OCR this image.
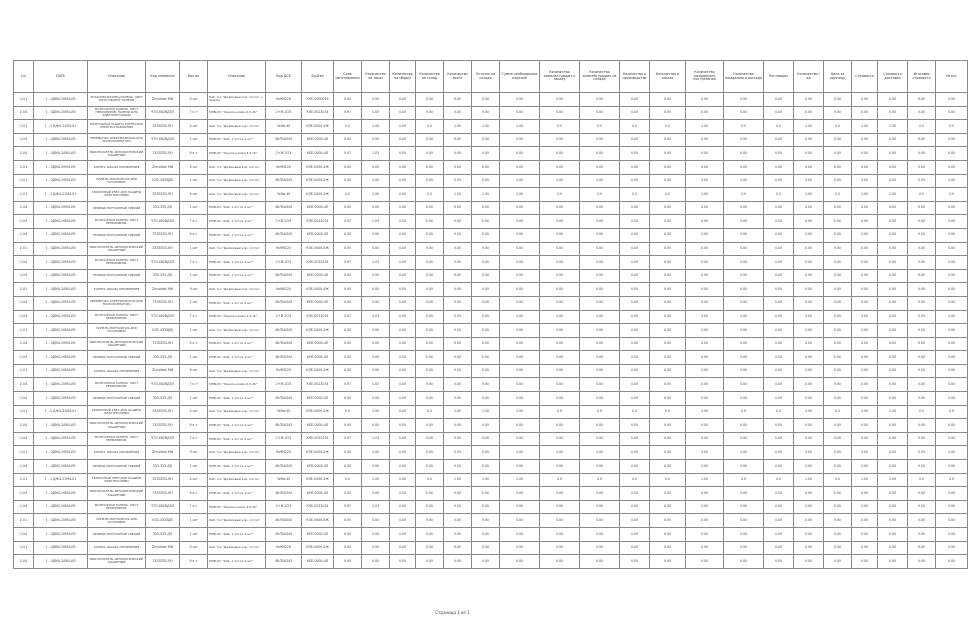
Lvl	DATA	Описание	Код элемента	Кол-во	Описание	Код ДСЕ	Ед.Изм	Срок изготовления	Количество на заказ	Количество на сборку	Количество на склад	Количество всего	Остаток на складе	Сумма необходимых изделий	Количество комплектующих к заказу	Количество комплектующих на складе	Количество в производстве	Количество в заказе	Количество ожидаемого поступления	Количество ожидаемого расхода	Поставщик	Количество / ед	Цена за единицу	Стоимость	Стоимость доставки	Итоговая стоимость	Итого
2-01	1 - 0ДМ4-20М4-ИЗ	ЛНАФОРМ-ФЛАНЕЦ-ПАНЕЛЬ. ЛИСТ ПЛАН ОБОРОТ ПАНЕЛИ	Zincofast МИ	9 шт	Каб. 3-х "Дюймовый кор. лоток" + Зажим	9х9М220	КЛЕ-0000045	0.00	0.00	0.00	0.00	0.00	0.00	0.00	0.00	0.00	0.00	0.00	0.00	0.00	0.00	0.00	0.00	0.00	0.00	0.00	0.00
2-04	1 - 0ДМ4-20М4-ИЗ	МОНТАЖНАЯ ПАНЕЛЬ, ЛИСТ ПЕРФОРИРОВ. ПАНЕЛИ ДЛЯ ЭЛЕКТРОСТАНЦИИ	ЧТЛ-4В2ВДЗЛ	7 к-т	МНВ-ЛС "Зажим-клемм 4-5-Ж"	2+М-2ОЗ	КЛЕ-0022034	0.97	1.03	0.00	0.00	0.00	0.00	0.00	0.00	0.00	0.00	0.00	0.00	0.00	0.00	0.00	0.00	0.00	0.00	0.00	0.00
2-01	1 - 1 ДЖ4-21М4-01	МОНТАЖНАЯ ЗАЩИТА КОРПУСНАЯ ЭЛЕКТРОСНАБЖЕНИЯ	ЗЗЗЗЗЗЗ-ЛН	4 шт	Каб. 3-х "Дюймовый кор. лоток"	3х9м-40	КЛЕ-0000-4Ж	0.0	1.00	0.00	0.0	1.00	1.00	1.00	0.0	0.0	0.0	0.0	1.00	0.0	0.0	1.00	0.0	1.00	1.00	0.0	0.0
2-04	1 - 0ДМ4-20М4-ИЗ	ПЕРЕМЫЧКА ЭЛЕКТРИЧЕСКАЯ ДЛЯ ТРАНСФОРМАТОРА	ЧТЛ-4В2ВДЗЛ	1 шт	МНВ-ЛС "Каб. 1 лоток 4 шт"	4КЛ5АЗ4З	КЛЕ-0000-4Л	0.00	0.00	0.00	0.00	0.00	0.00	0.00	0.00	0.00	0.00	0.00	0.00	0.00	0.00	0.00	0.00	0.00	0.00	0.00	0.00
2-04	1 - 0ДМ4-20М4-ИЗ	ВЫКЛЮЧАТЕЛЬ АВТОМАТИЧЕСКИЙ ЗАЩИТНЫЙ	7ЗЗЗЗЗЗ-ЛН	9 к-т	МНВ-ЛС "Зажим-клемм 4-5-Ж"	2+М-2ОЗ	КЛЕ-0000-4Л	0.97	1.03	0.00	0.00	0.00	0.00	0.00	0.00	0.00	0.00	0.00	0.00	0.00	0.00	0.00	0.00	0.00	0.00	0.00	0.00
2-01	1 - 0ДМ4-20М4-ИЗ	КОРПУС ШКАФА УПРАВЛЕНИЯ	Zincofast МИ	9 шт	Каб. 3-х "Дюймовый кор. лоток"	9х9М220	КЛЕ-0000-4Ж	0.00	0.00	0.00	0.00	0.00	0.00	0.00	0.00	0.00	0.00	0.00	0.00	0.00	0.00	0.00	0.00	0.00	0.00	0.00	0.00
2-01	1 - 0ДМ4-20М4-ИЗ	ПАНЕЛЬ МОНТАЖНАЯ ДЛЯ УСТАНОВКИ	КЗЗ-4ЗЗЗДВ	1 шт	Каб. 3-х "Дюймовый кор. лоток"	4КЛ5АЗ4З	КЛЕ-0000-4Ж	0.00	0.00	0.00	0.00	0.00	0.00	0.00	0.00	0.00	0.00	0.00	0.00	0.00	0.00	0.00	0.00	0.00	0.00	0.00	0.00
2-01	1 - 1 ДЖ4-21М4-01	СБОРОЧНЫЙ УЗЕЛ ДЛЯ ЗАЩИТЫ ЭЛЕКТРОСХЕМЫ	ЗЗЗЗЗЗЗ-ЛН	4 шт	Каб. 3-х "Дюймовый кор. лоток"	3х9м-40	КЛЕ-0000-4Ж	0.0	1.00	0.00	0.0	1.00	1.00	1.00	0.0	0.0	0.0	0.0	1.00	0.0	0.0	1.00	0.0	1.00	1.00	0.0	0.0
2-04	1 - 0ДМ4-20М4-ИЗ	ПРОВОД МОНТАЖНЫЙ ГИБКИЙ	ЗЗЗ-ЗЗЗ ДЛ	1 шт	МНВ-ЛС "Каб. 1 лоток 4 шт"	4КЛ5АЗ4З	КЛЕ-0000-4Л	0.00	0.00	0.00	0.00	0.00	0.00	0.00	0.00	0.00	0.00	0.00	0.00	0.00	0.00	0.00	0.00	0.00	0.00	0.00	0.00
2-04	1 - 0ДМ4-20М4-ИЗ	МОНТАЖНАЯ ПАНЕЛЬ, ЛИСТ ПЕРФОРИРОВ.	ЧТЛ-4В2ВДЗЛ	7 к-т	МНВ-ЛС "Каб. 1 лоток 4 шт"	2+М-2ОЗ	КЛЕ-0022034	0.97	1.03	0.00	0.00	0.00	0.00	0.00	0.00	0.00	0.00	0.00	0.00	0.00	0.00	0.00	0.00	0.00	0.00	0.00	0.00
2-04	1 - 0ДМ4-20М4-ИЗ	ПРОВОД МОНТАЖНЫЙ ГИБКИЙ	7ЗЗЗЗЗЗ-ЛН	9 к-т	МНВ-ЛС "Каб. 1 лоток 4 шт"	4КЛ5АЗ4З	КЛЕ-0000-4Л	0.00	0.00	0.00	0.00	0.00	0.00	0.00	0.00	0.00	0.00	0.00	0.00	0.00	0.00	0.00	0.00	0.00	0.00	0.00	0.00
2-01	1 - 0ДМ4-20М4-ИЗ	ВЫКЛЮЧАТЕЛЬ АВТОМАТИЧЕСКИЙ ЗАЩИТНЫЙ	ЗЗЗЗЗЗЗ-ЛН	1 шт	Каб. 3-х "Дюймовый кор. лоток"	9х9М220	КЛЕ-0000-4Ж	0.00	0.00	0.00	0.00	0.00	0.00	0.00	0.00	0.00	0.00	0.00	0.00	0.00	0.00	0.00	0.00	0.00	0.00	0.00	0.00
2-04	1 - 0ДМ4-20М4-ИЗ	МОНТАЖНАЯ ПАНЕЛЬ, ЛИСТ ПЕРФОРИРОВ.	ЧТЛ-4В2ВДЗЛ	7 к-т	МНВ-ЛС "Каб. 1 лоток 4 шт"	2+М-2ОЗ	КЛЕ-0022034	0.97	1.03	0.00	0.00	0.00	0.00	0.00	0.00	0.00	0.00	0.00	0.00	0.00	0.00	0.00	0.00	0.00	0.00	0.00	0.00
2-04	1 - 0ДМ4-20М4-ИЗ	ПРОВОД МОНТАЖНЫЙ ГИБКИЙ	ЗЗЗ-ЗЗЗ ДЛ	1 шт	МНВ-ЛС "Каб. 1 лоток 4 шт"	4КЛ5АЗ4З	КЛЕ-0000-4Л	0.00	0.00	0.00	0.00	0.00	0.00	0.00	0.00	0.00	0.00	0.00	0.00	0.00	0.00	0.00	0.00	0.00	0.00	0.00	0.00
2-01	1 - 0ДМ4-20М4-ИЗ	КОРПУС ШКАФА УПРАВЛЕНИЯ	Zincofast МИ	9 шт	Каб. 3-х "Дюймовый кор. лоток"	9х9М220	КЛЕ-0000-4Ж	0.00	0.00	0.00	0.00	0.00	0.00	0.00	0.00	0.00	0.00	0.00	0.00	0.00	0.00	0.00	0.00	0.00	0.00	0.00	0.00
2-04	1 - 0ДМ4-20М4-ИЗ	ПЕРЕМЫЧКА ЭЛЕКТРИЧЕСКАЯ ДЛЯ ТРАНСФОРМАТОРА	7ЗЗЗЗЗЗ-ЛН	1 шт	МНВ-ЛС "Каб. 1 лоток 4 шт"	4КЛ5АЗ4З	КЛЕ-0000-4Л	0.00	0.00	0.00	0.00	0.00	0.00	0.00	0.00	0.00	0.00	0.00	0.00	0.00	0.00	0.00	0.00	0.00	0.00	0.00	0.00
2-04	1 - 0ДМ4-20М4-ИЗ	МОНТАЖНАЯ ПАНЕЛЬ, ЛИСТ ПЕРФОРИРОВ.	ЧТЛ-4В2ВДЗЛ	7 к-т	МНВ-ЛС "Зажим-клемм 4-5-Ж"	2+М-2ОЗ	КЛЕ-0022034	0.97	1.03	0.00	0.00	0.00	0.00	0.00	0.00	0.00	0.00	0.00	0.00	0.00	0.00	0.00	0.00	0.00	0.00	0.00	0.00
2-01	1 - 0ДМ4-20М4-ИЗ	ПАНЕЛЬ МОНТАЖНАЯ ДЛЯ УСТАНОВКИ	КЗЗ-4ЗЗЗДВ	1 шт	Каб. 3-х "Дюймовый кор. лоток"	4КЛ5АЗ4З	КЛЕ-0000-4Ж	0.00	0.00	0.00	0.00	0.00	0.00	0.00	0.00	0.00	0.00	0.00	0.00	0.00	0.00	0.00	0.00	0.00	0.00	0.00	0.00
2-04	1 - 0ДМ4-20М4-ИЗ	ВЫКЛЮЧАТЕЛЬ АВТОМАТИЧЕСКИЙ ЗАЩИТНЫЙ	7ЗЗЗЗЗЗ-ЛН	9 к-т	МНВ-ЛС "Каб. 1 лоток 4 шт"	4КЛ5АЗ4З	КЛЕ-0000-4Л	0.00	0.00	0.00	0.00	0.00	0.00	0.00	0.00	0.00	0.00	0.00	0.00	0.00	0.00	0.00	0.00	0.00	0.00	0.00	0.00
2-04	1 - 0ДМ4-20М4-ИЗ	ПРОВОД МОНТАЖНЫЙ ГИБКИЙ	ЗЗЗ-ЗЗЗ ДЛ	1 шт	МНВ-ЛС "Каб. 1 лоток 4 шт"	4КЛ5АЗ4З	КЛЕ-0000-4Л	0.00	0.00	0.00	0.00	0.00	0.00	0.00	0.00	0.00	0.00	0.00	0.00	0.00	0.00	0.00	0.00	0.00	0.00	0.00	0.00
2-01	1 - 0ДМ4-20М4-ИЗ	КОРПУС ШКАФА УПРАВЛЕНИЯ	Zincofast МИ	9 шт	Каб. 3-х "Дюймовый кор. лоток"	9х9М220	КЛЕ-0000-4Ж	0.00	0.00	0.00	0.00	0.00	0.00	0.00	0.00	0.00	0.00	0.00	0.00	0.00	0.00	0.00	0.00	0.00	0.00	0.00	0.00
2-04	1 - 0ДМ4-20М4-ИЗ	МОНТАЖНАЯ ПАНЕЛЬ, ЛИСТ ПЕРФОРИРОВ.	ЧТЛ-4В2ВДЗЛ	7 к-т	МНВ-ЛС "Зажим-клемм 4-5-Ж"	2+М-2ОЗ	КЛЕ-0022034	0.97	1.03	0.00	0.00	0.00	0.00	0.00	0.00	0.00	0.00	0.00	0.00	0.00	0.00	0.00	0.00	0.00	0.00	0.00	0.00
2-04	1 - 0ДМ4-20М4-ИЗ	ПРОВОД МОНТАЖНЫЙ ГИБКИЙ	ЗЗЗ-ЗЗЗ ДЛ	1 шт	МНВ-ЛС "Каб. 1 лоток 4 шт"	4КЛ5АЗ4З	КЛЕ-0000-4Л	0.00	0.00	0.00	0.00	0.00	0.00	0.00	0.00	0.00	0.00	0.00	0.00	0.00	0.00	0.00	0.00	0.00	0.00	0.00	0.00
2-01	1 - 1 ДЖ4-21М4-01	СБОРОЧНЫЙ УЗЕЛ ДЛЯ ЗАЩИТЫ ЭЛЕКТРОСХЕМЫ	ЗЗЗЗЗЗЗ-ЛН	4 шт	Каб. 3-х "Дюймовый кор. лоток"	3х9м-40	КЛЕ-0000-4Ж	0.0	1.00	0.00	0.0	1.00	1.00	1.00	0.0	0.0	0.0	0.0	1.00	0.0	0.0	1.00	0.0	1.00	1.00	0.0	0.0
2-04	1 - 0ДМ4-20М4-ИЗ	ВЫКЛЮЧАТЕЛЬ АВТОМАТИЧЕСКИЙ ЗАЩИТНЫЙ	7ЗЗЗЗЗЗ-ЛН	9 к-т	МНВ-ЛС "Каб. 1 лоток 4 шт"	4КЛ5АЗ4З	КЛЕ-0000-4Л	0.00	0.00	0.00	0.00	0.00	0.00	0.00	0.00	0.00	0.00	0.00	0.00	0.00	0.00	0.00	0.00	0.00	0.00	0.00	0.00
2-04	1 - 0ДМ4-20М4-ИЗ	МОНТАЖНАЯ ПАНЕЛЬ, ЛИСТ ПЕРФОРИРОВ.	ЧТЛ-4В2ВДЗЛ	7 к-т	МНВ-ЛС "Каб. 1 лоток 4 шт"	2+М-2ОЗ	КЛЕ-0022034	0.97	1.03	0.00	0.00	0.00	0.00	0.00	0.00	0.00	0.00	0.00	0.00	0.00	0.00	0.00	0.00	0.00	0.00	0.00	0.00
2-01	1 - 0ДМ4-20М4-ИЗ	КОРПУС ШКАФА УПРАВЛЕНИЯ	Zincofast МИ	9 шт	Каб. 3-х "Дюймовый кор. лоток"	9х9М220	КЛЕ-0000-4Ж	0.00	0.00	0.00	0.00	0.00	0.00	0.00	0.00	0.00	0.00	0.00	0.00	0.00	0.00	0.00	0.00	0.00	0.00	0.00	0.00
2-04	1 - 0ДМ4-20М4-ИЗ	ПРОВОД МОНТАЖНЫЙ ГИБКИЙ	ЗЗЗ-ЗЗЗ ДЛ	1 шт	МНВ-ЛС "Каб. 1 лоток 4 шт"	4КЛ5АЗ4З	КЛЕ-0000-4Л	0.00	0.00	0.00	0.00	0.00	0.00	0.00	0.00	0.00	0.00	0.00	0.00	0.00	0.00	0.00	0.00	0.00	0.00	0.00	0.00
2-01	1 - 1 ДЖ4-21М4-01	СБОРОЧНЫЙ УЗЕЛ ДЛЯ ЗАЩИТЫ ЭЛЕКТРОСХЕМЫ	ЗЗЗЗЗЗЗ-ЛН	4 шт	Каб. 3-х "Дюймовый кор. лоток"	3х9м-40	КЛЕ-0000-4Ж	0.0	1.00	0.00	0.0	1.00	1.00	1.00	0.0	0.0	0.0	0.0	1.00	0.0	0.0	1.00	0.0	1.00	1.00	0.0	0.0
2-04	1 - 0ДМ4-20М4-ИЗ	ВЫКЛЮЧАТЕЛЬ АВТОМАТИЧЕСКИЙ ЗАЩИТНЫЙ	7ЗЗЗЗЗЗ-ЛН	9 к-т	МНВ-ЛС "Каб. 1 лоток 4 шт"	4КЛ5АЗ4З	КЛЕ-0000-4Л	0.00	0.00	0.00	0.00	0.00	0.00	0.00	0.00	0.00	0.00	0.00	0.00	0.00	0.00	0.00	0.00	0.00	0.00	0.00	0.00
2-04	1 - 0ДМ4-20М4-ИЗ	МОНТАЖНАЯ ПАНЕЛЬ, ЛИСТ ПЕРФОРИРОВ.	ЧТЛ-4В2ВДЗЛ	7 к-т	МНВ-ЛС "Зажим-клемм 4-5-Ж"	2+М-2ОЗ	КЛЕ-0022034	0.97	1.03	0.00	0.00	0.00	0.00	0.00	0.00	0.00	0.00	0.00	0.00	0.00	0.00	0.00	0.00	0.00	0.00	0.00	0.00
2-01	1 - 0ДМ4-20М4-ИЗ	ПАНЕЛЬ МОНТАЖНАЯ ДЛЯ УСТАНОВКИ	КЗЗ-4ЗЗЗДВ	1 шт	Каб. 3-х "Дюймовый кор. лоток"	4КЛ5АЗ4З	КЛЕ-0000-4Ж	0.00	0.00	0.00	0.00	0.00	0.00	0.00	0.00	0.00	0.00	0.00	0.00	0.00	0.00	0.00	0.00	0.00	0.00	0.00	0.00
2-04	1 - 0ДМ4-20М4-ИЗ	ПРОВОД МОНТАЖНЫЙ ГИБКИЙ	ЗЗЗ-ЗЗЗ ДЛ	1 шт	МНВ-ЛС "Каб. 1 лоток 4 шт"	4КЛ5АЗ4З	КЛЕ-0000-4Л	0.00	0.00	0.00	0.00	0.00	0.00	0.00	0.00	0.00	0.00	0.00	0.00	0.00	0.00	0.00	0.00	0.00	0.00	0.00	0.00
2-01	1 - 0ДМ4-20М4-ИЗ	КОРПУС ШКАФА УПРАВЛЕНИЯ	Zincofast МИ	9 шт	Каб. 3-х "Дюймовый кор. лоток"	9х9М220	КЛЕ-0000-4Ж	0.00	0.00	0.00	0.00	0.00	0.00	0.00	0.00	0.00	0.00	0.00	0.00	0.00	0.00	0.00	0.00	0.00	0.00	0.00	0.00
2-04	1 - 0ДМ4-20М4-ИЗ	ВЫКЛЮЧАТЕЛЬ АВТОМАТИЧЕСКИЙ ЗАЩИТНЫЙ	7ЗЗЗЗЗЗ-ЛН	9 к-т	МНВ-ЛС "Каб. 1 лоток 4 шт"	4КЛ5АЗ4З	КЛЕ-0000-4Л	0.00	0.00	0.00	0.00	0.00	0.00	0.00	0.00	0.00	0.00	0.00	0.00	0.00	0.00	0.00	0.00	0.00	0.00	0.00	0.00
Страница 1 из 1
